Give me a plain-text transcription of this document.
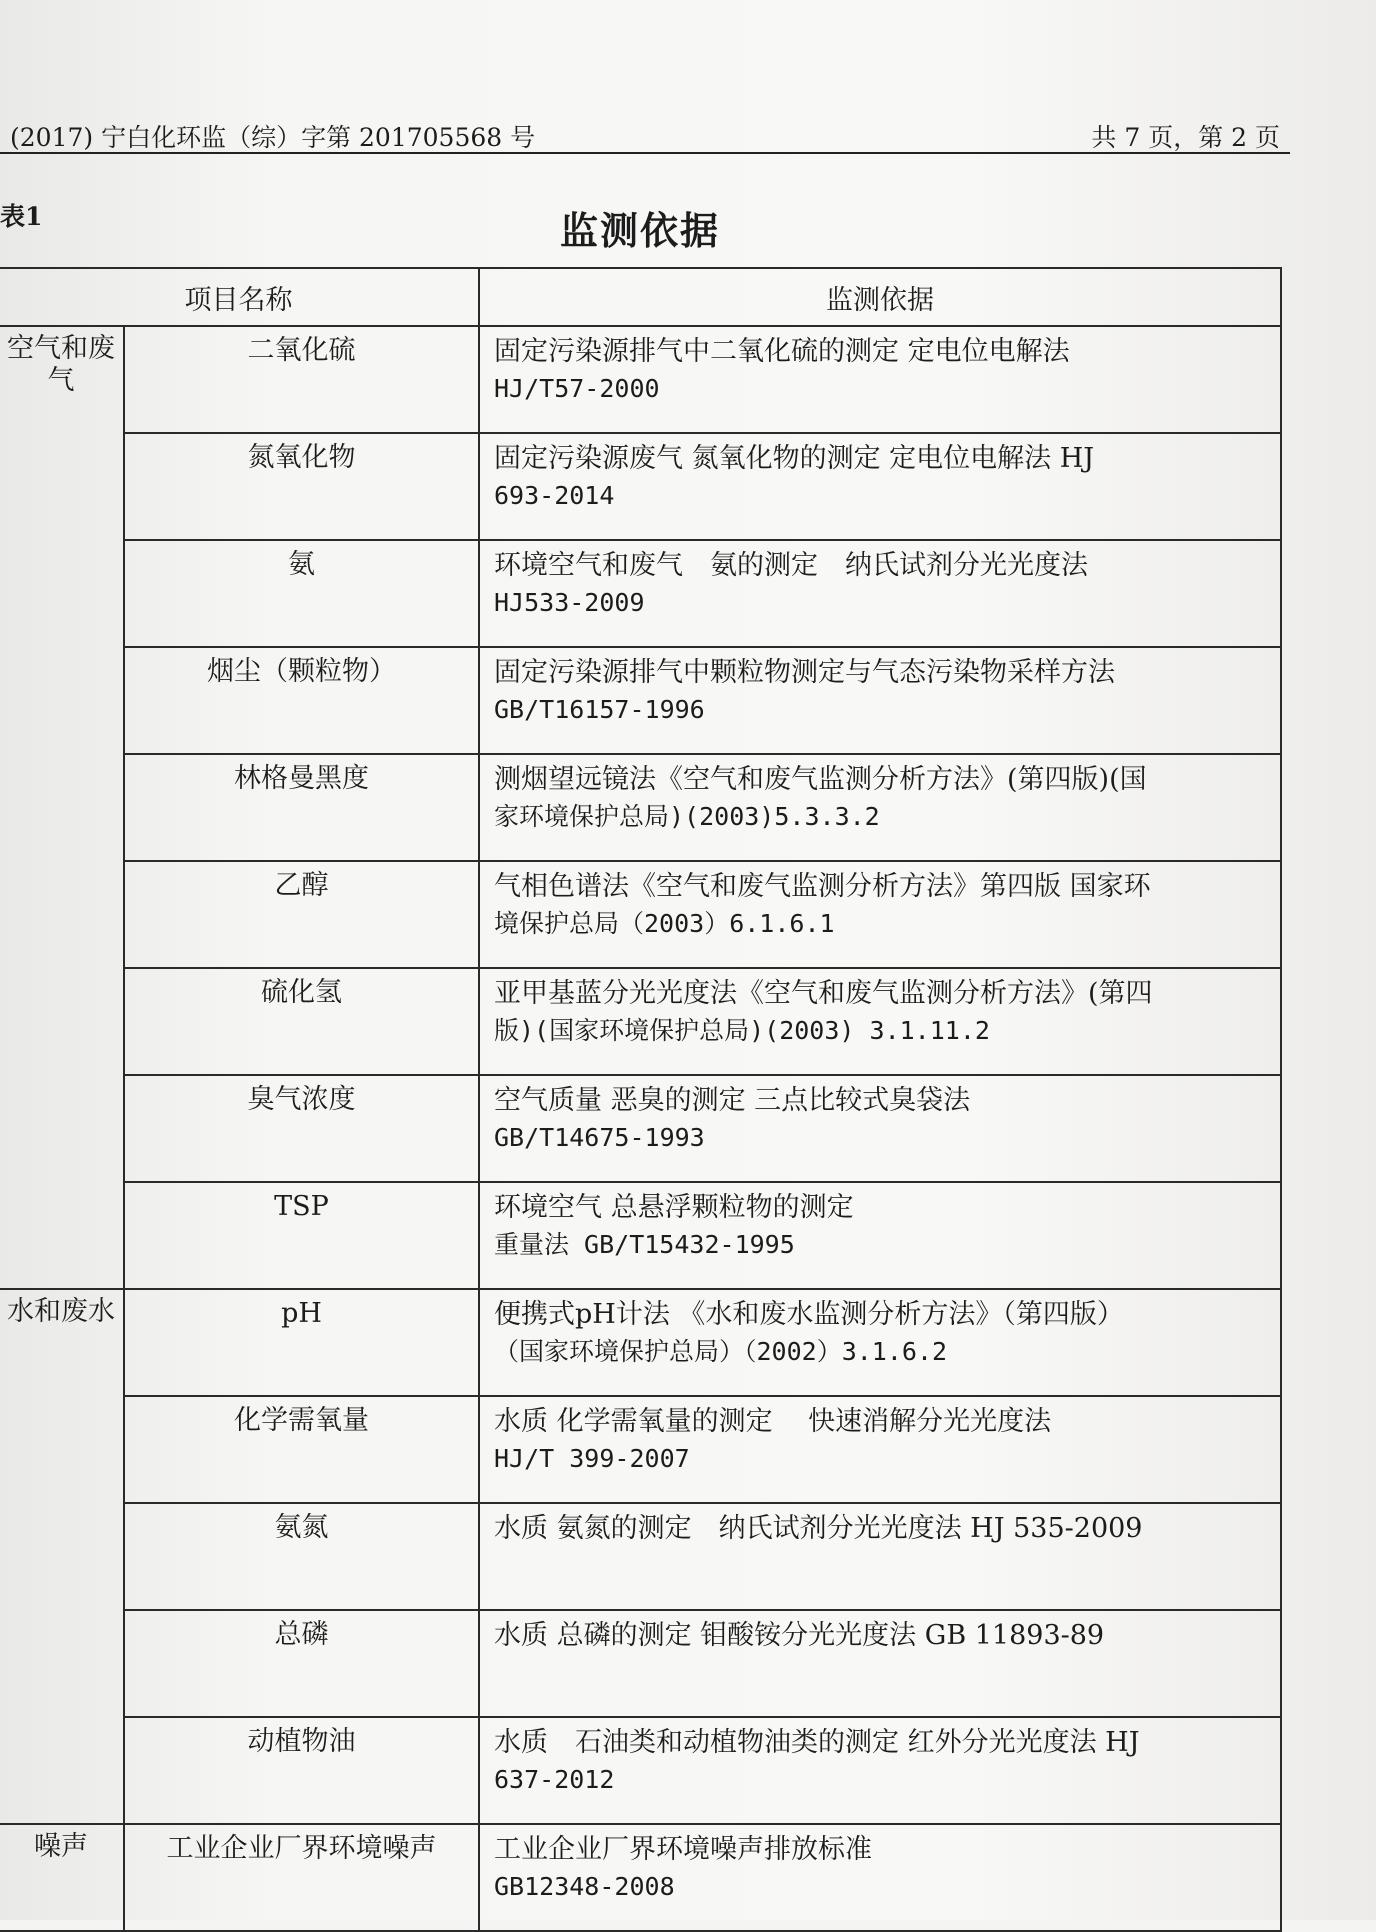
(2017) 宁白化环监（综）字第 201705568 号	共 7 页，第 2 页
表1	监测依据
项目名称		监测依据
空气和废气	二氧化硫	固定污染源排气中二氧化硫的测定 定电位电解法
HJ/T57-2000

	氮氧化物	固定污染源废气 氮氧化物的测定 定电位电解法 HJ
693-2014

	氨	环境空气和废气　氨的测定　纳氏试剂分光光度法
HJ533-2009

	烟尘（颗粒物）	固定污染源排气中颗粒物测定与气态污染物采样方法
GB/T16157-1996

	林格曼黑度	测烟望远镜法《空气和废气监测分析方法》(第四版)(国
家环境保护总局)(2003)5.3.3.2

	乙醇	气相色谱法《空气和废气监测分析方法》第四版 国家环
境保护总局（2003）6.1.6.1

	硫化氢	亚甲基蓝分光光度法《空气和废气监测分析方法》(第四
版)(国家环境保护总局)(2003) 3.1.11.2

	臭气浓度	空气质量 恶臭的测定 三点比较式臭袋法
GB/T14675-1993

	TSP	环境空气 总悬浮颗粒物的测定
重量法 GB/T15432-1995

水和废水	pH	便携式pH计法 《水和废水监测分析方法》（第四版）
（国家环境保护总局）（2002）3.1.6.2

	化学需氧量	水质 化学需氧量的测定　 快速消解分光光度法
HJ/T 399-2007

	氨氮	水质 氨氮的测定　纳氏试剂分光光度法 HJ 535-2009

	总磷	水质 总磷的测定 钼酸铵分光光度法 GB 11893-89

	动植物油	水质　石油类和动植物油类的测定 红外分光光度法 HJ
637-2012

噪声	工业企业厂界环境噪声	工业企业厂界环境噪声排放标准
GB12348-2008
